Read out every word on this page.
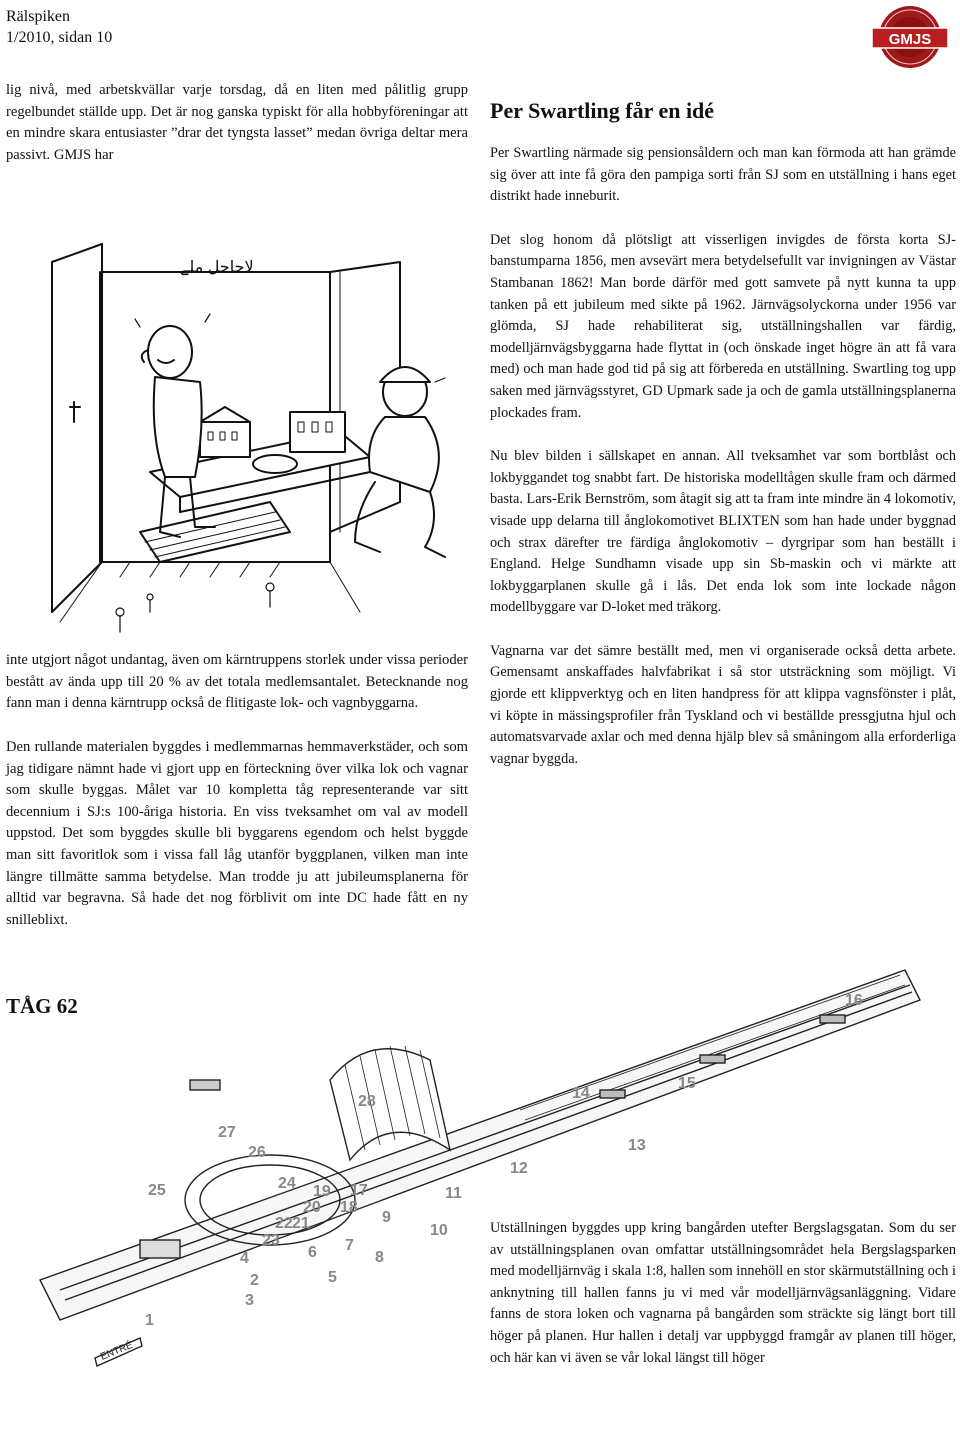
Rälspiken
1/2010, sidan 10	GMJS

lig nivå, med arbetskvällar varje torsdag, då en liten med pålitlig grupp regelbundet ställde upp. Det är nog ganska typiskt för alla hobbyföreningar att en mindre skara entusiaster ”drar det tyngsta lasset” medan övriga deltar mera passivt. GMJS har

لاحاحل ملے

inte utgjort något undantag, även om kärntruppens storlek under vissa perioder bestått av ända upp till 20 % av det totala medlemsantalet. Betecknande nog fann man i denna kärntrupp också de flitigaste lok- och vagnbyggarna.

Den rullande materialen byggdes i medlemmarnas hemmaverkstäder, och som jag tidigare nämnt hade vi gjort upp en förteckning över vilka lok och vagnar som skulle byggas. Målet var 10 kompletta tåg representerande var sitt decennium i SJ:s 100-åriga historia. En viss tveksamhet om val av modell uppstod. Det som byggdes skulle bli byggarens egendom och helst byggde man sitt favoritlok som i vissa fall låg utanför byggplanen, vilken man inte längre tillmätte samma betydelse. Man trodde ju att jubileumsplanerna för alltid var begravna. Så hade det nog förblivit om inte DC hade fått en ny snilleblixt.

TÅG 62
Per Swartling får en idé

Per Swartling närmade sig pensionsåldern och man kan förmoda att han grämde sig över att inte få göra den pampiga sorti från SJ som en utställning i hans eget distrikt hade inneburit.

Det slog honom då plötsligt att visserligen invigdes de första korta SJ-banstumparna 1856, men avsevärt mera betydelsefullt var invigningen av Västar Stambanan 1862! Man borde därför med gott samvete på nytt kunna ta upp tanken på ett jubileum med sikte på 1962. Järnvägsolyckorna under 1956 var glömda, SJ hade rehabiliterat sig, utställningshallen var färdig, modelljärnvägsbyggarna hade flyttat in (och önskade inget högre än att få vara med) och man hade god tid på sig att förbereda en utställning. Swartling tog upp saken med järnvägsstyret, GD Upmark sade ja och de gamla utställningsplanerna plockades fram.

Nu blev bilden i sällskapet en annan. All tveksamhet var som bortblåst och lokbyggandet tog snabbt fart. De historiska modelltågen skulle fram och därmed basta. Lars-Erik Bernström, som åtagit sig att ta fram inte mindre än 4 lokomotiv, visade upp delarna till ånglokomotivet BLIXTEN som han hade under byggnad och strax därefter tre färdiga ånglokomotiv – dyrgripar som han beställt i England. Helge Sundhamn visade upp sin Sb-maskin och vi märkte att lokbyggarplanen skulle gå i lås. Det enda lok som inte lockade någon modellbyggare var D-loket med träkorg.

Vagnarna var det sämre beställt med, men vi organiserade också detta arbete. Gemensamt anskaffades halvfabrikat i så stor utsträckning som möjligt. Vi gjorde ett klippverktyg och en liten handpress för att klippa vagnsfönster i plåt, vi köpte in mässingsprofiler från Tyskland och vi beställde pressgjutna hjul och automatsvarvade axlar och med denna hjälp blev så småningom alla erforderliga vagnar byggda.

ENTRÉ
1
2
3
4
5
6 7
8
9
10
11
12
13
14
15
16
17
18
19
20
21
22
23
24
25
26
27
28

Utställningen byggdes upp kring bangården utefter Bergslagsgatan. Som du ser av utställningsplanen ovan omfattar utställningsområdet hela Bergslagsparken med modelljärnväg i skala 1:8, hallen som innehöll en stor skärmutställning och i anknytning till hallen fanns ju vi med vår modelljärnvägsanläggning. Vidare fanns de stora loken och vagnarna på bangården som sträckte sig längt bort till höger på planen. Hur hallen i detalj var uppbyggd framgår av planen till höger, och här kan vi även se vår lokal längst till höger
